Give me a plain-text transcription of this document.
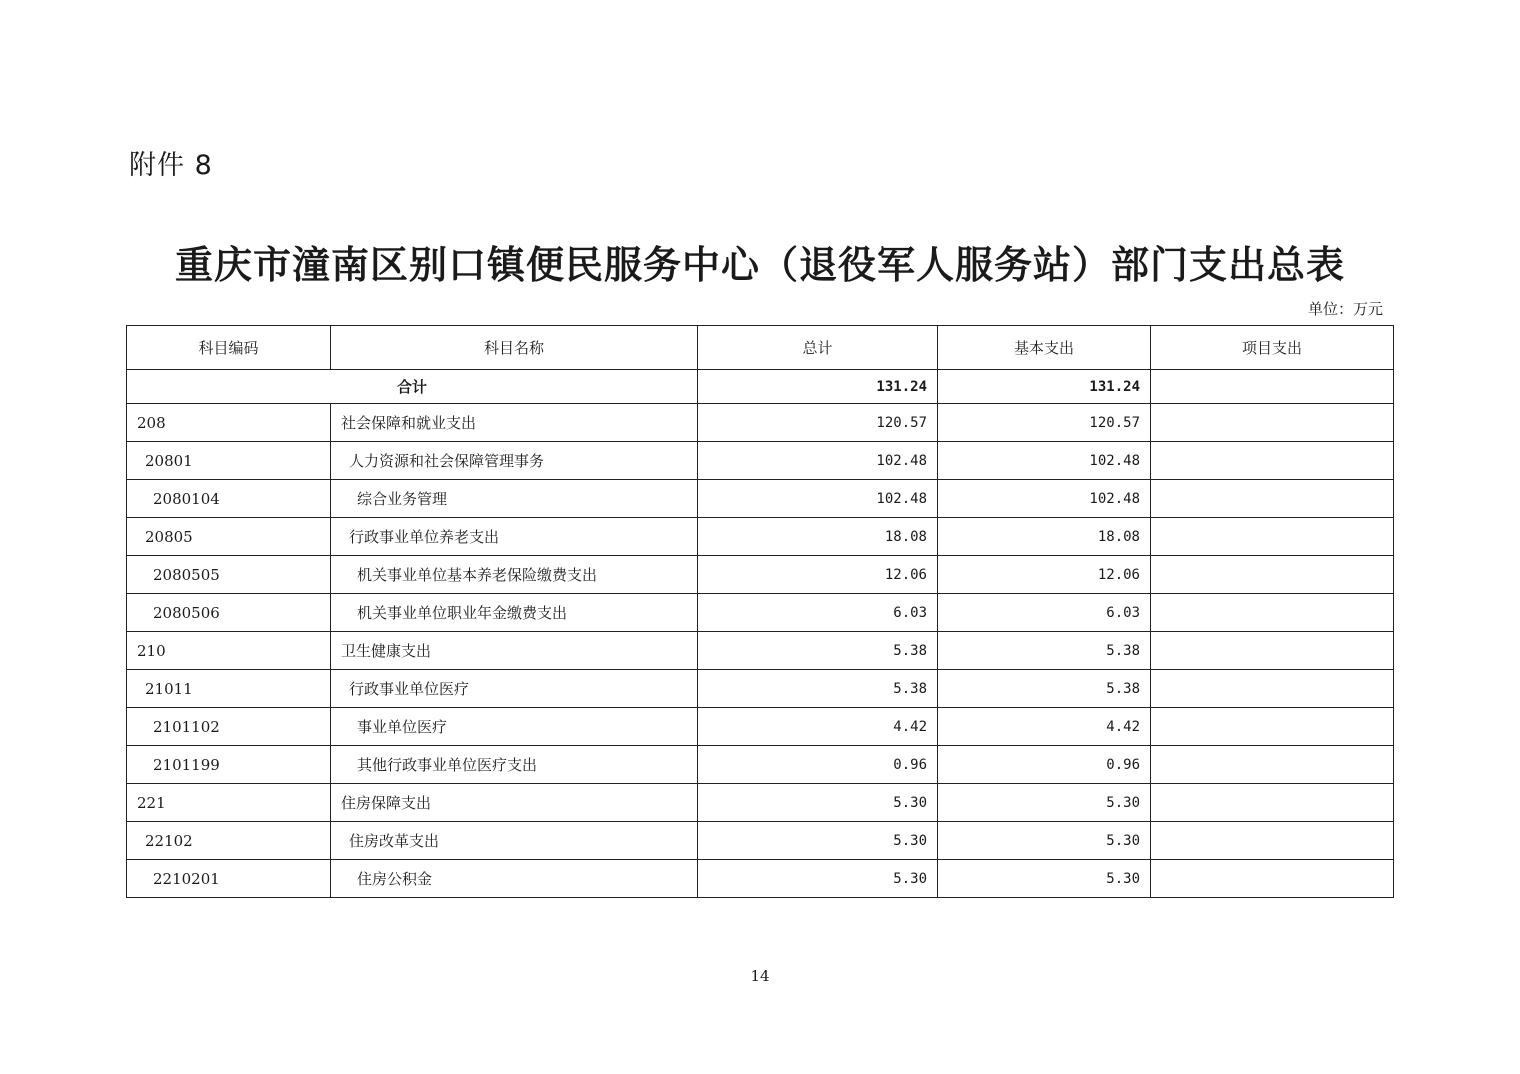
附件 8
重庆市潼南区别口镇便民服务中心（退役军人服务站）部门支出总表
单位：万元
科目编码	科目名称	总计	基本支出	项目支出
合计		131.24	131.24	
208	社会保障和就业支出	120.57	120.57	
20801	人力资源和社会保障管理事务	102.48	102.48	
2080104	综合业务管理	102.48	102.48	
20805	行政事业单位养老支出	18.08	18.08	
2080505	机关事业单位基本养老保险缴费支出	12.06	12.06	
2080506	机关事业单位职业年金缴费支出	6.03	6.03	
210	卫生健康支出	5.38	5.38	
21011	行政事业单位医疗	5.38	5.38	
2101102	事业单位医疗	4.42	4.42	
2101199	其他行政事业单位医疗支出	0.96	0.96	
221	住房保障支出	5.30	5.30	
22102	住房改革支出	5.30	5.30	
2210201	住房公积金	5.30	5.30	
14
